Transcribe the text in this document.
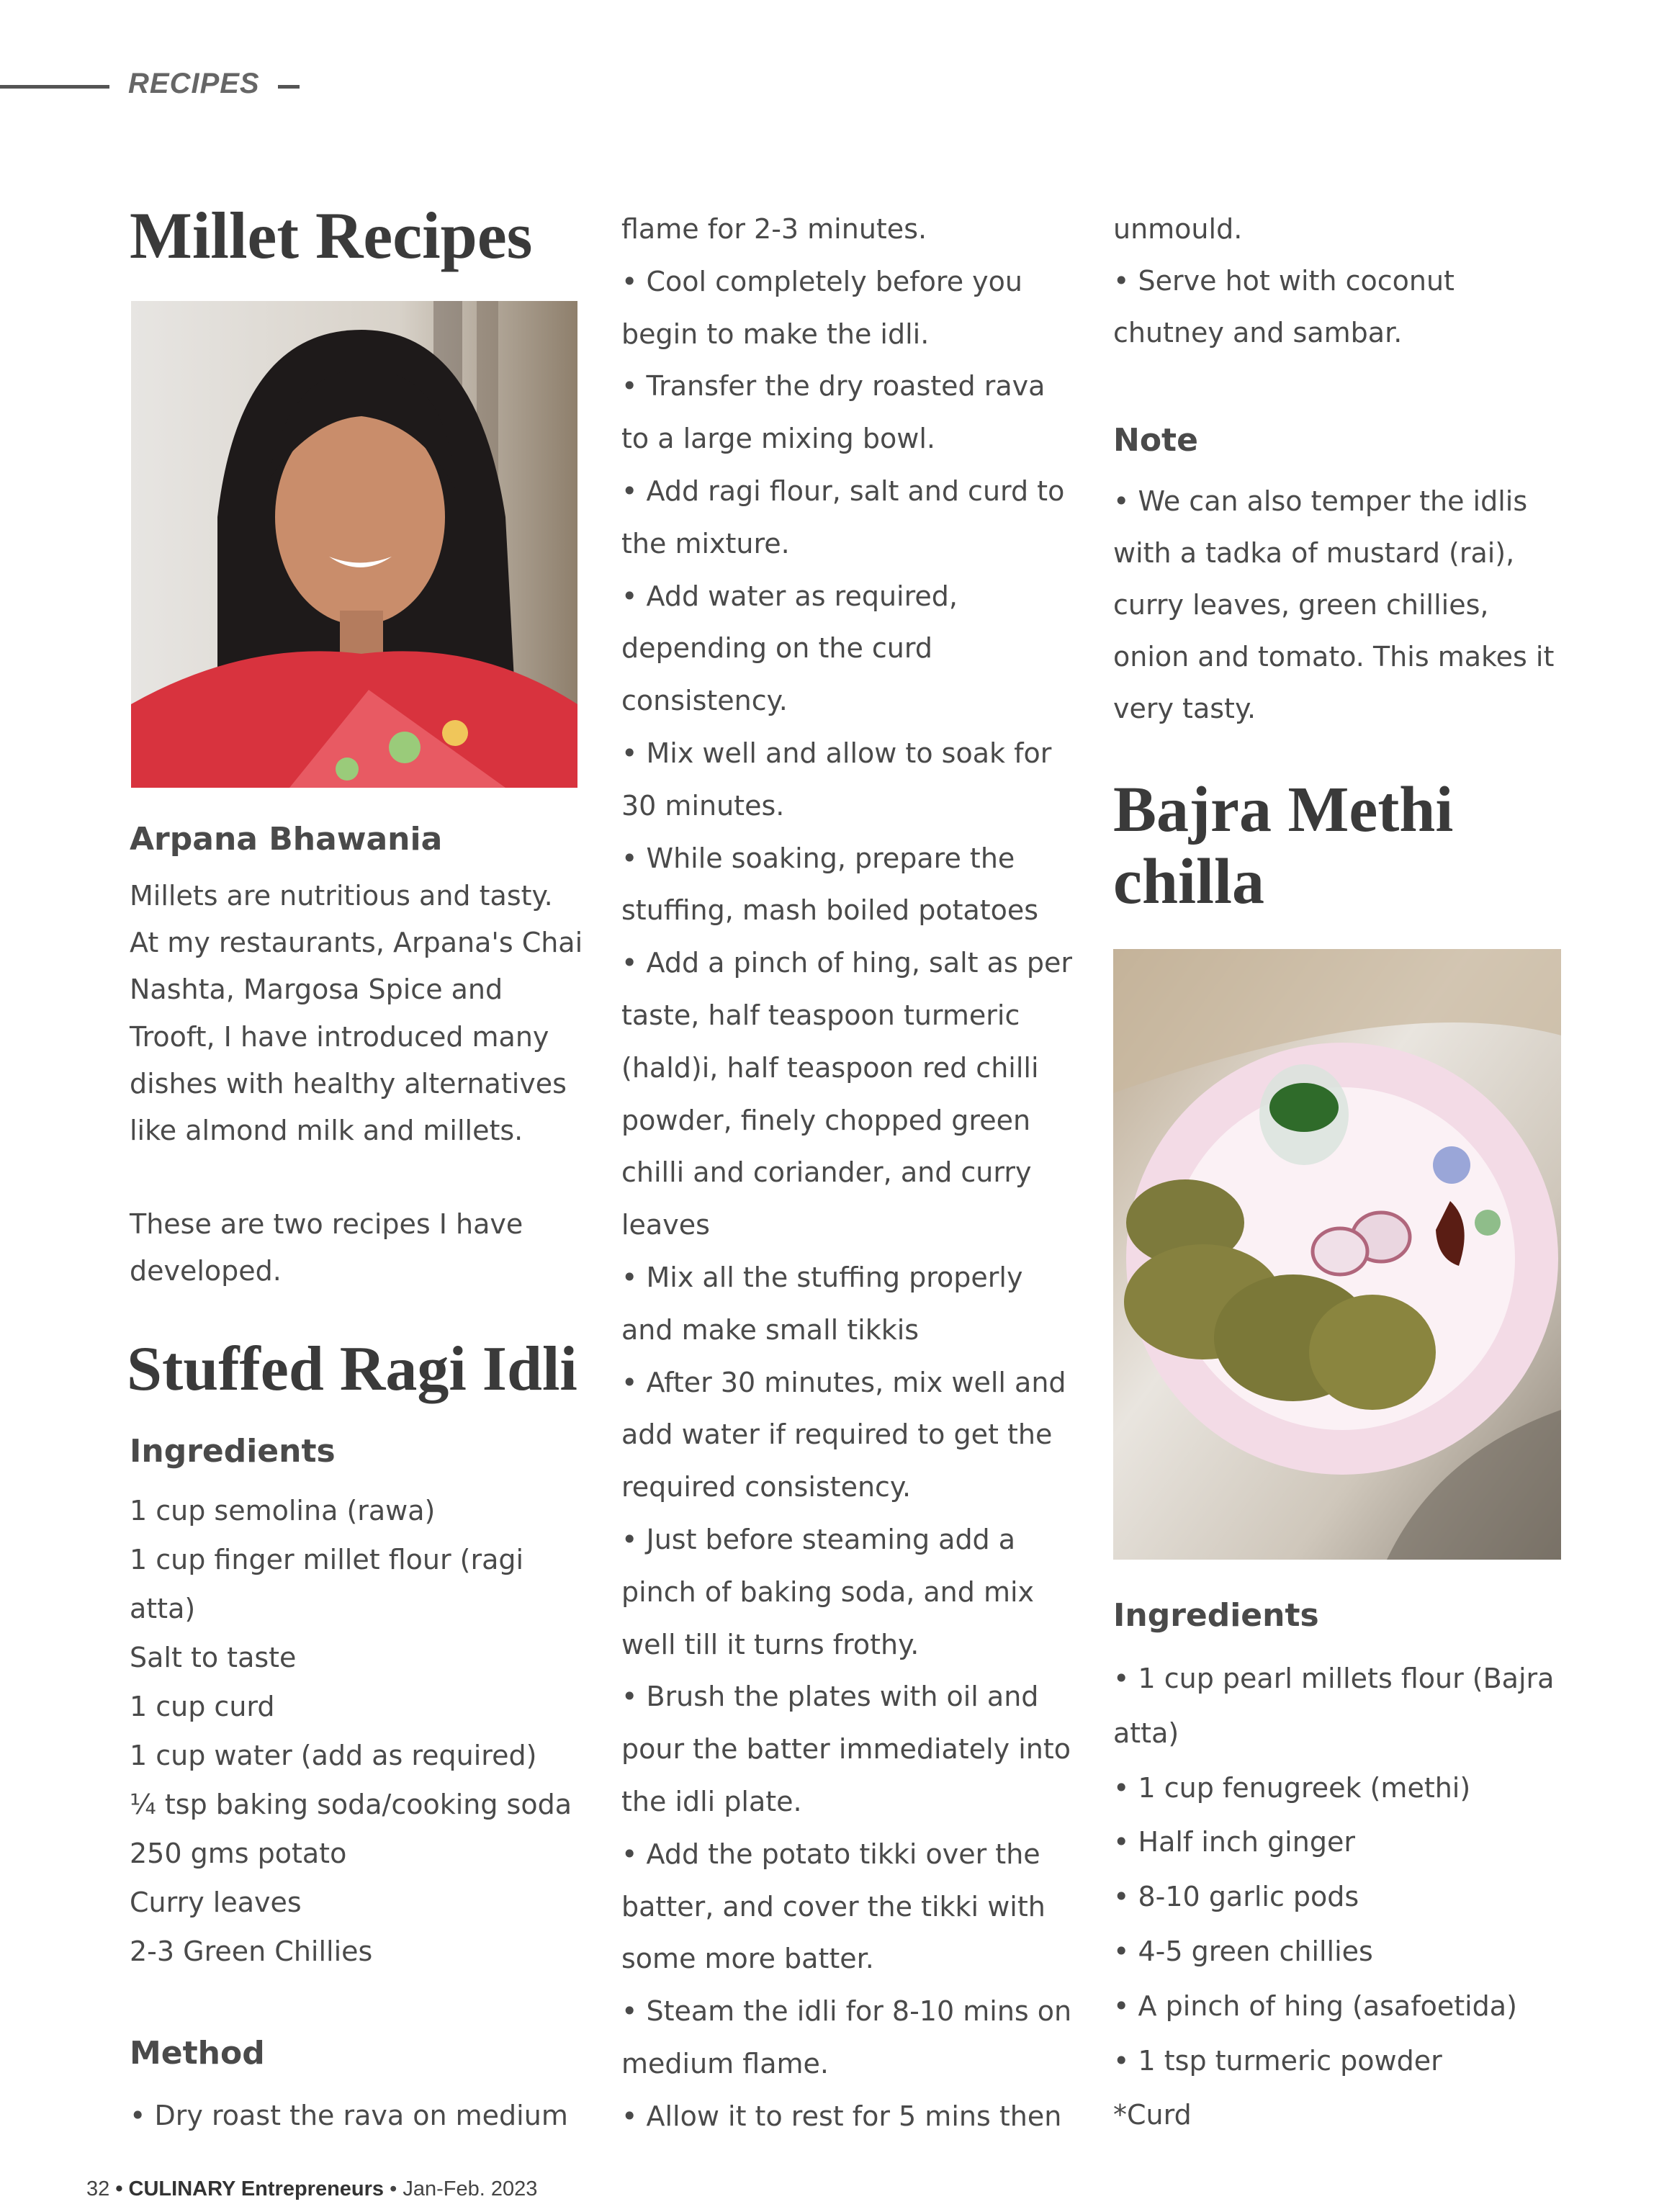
RECIPES
Millet Recipes
Arpana Bhawania
Millets are nutritious and tasty.
At my restaurants, Arpana's Chai
Nashta, Margosa Spice and
Trooft, I have introduced many
dishes with healthy alternatives
like almond milk and millets.
These are two recipes I have
developed.
Stuffed Ragi Idli
Ingredients
1 cup semolina (rawa)
1 cup finger millet flour (ragi
atta)
Salt to taste
1 cup curd
1 cup water (add as required)
¼ tsp baking soda/cooking soda
250 gms potato
Curry leaves
2-3 Green Chillies
Method
• Dry roast the rava on medium
flame for 2-3 minutes.
• Cool completely before you
begin to make the idli.
• Transfer the dry roasted rava
to a large mixing bowl.
• Add ragi flour, salt and curd to
the mixture.
• Add water as required,
depending on the curd
consistency.
• Mix well and allow to soak for
30 minutes.
• While soaking, prepare the
stuffing, mash boiled potatoes
• Add a pinch of hing, salt as per
taste, half teaspoon turmeric
(hald)i, half teaspoon red chilli
powder, finely chopped green
chilli and coriander, and curry
leaves
• Mix all the stuffing properly
and make small tikkis
• After 30 minutes, mix well and
add water if required to get the
required consistency.
• Just before steaming add a
pinch of baking soda, and mix
well till it turns frothy.
• Brush the plates with oil and
pour the batter immediately into
the idli plate.
• Add the potato tikki over the
batter, and cover the tikki with
some more batter.
• Steam the idli for 8-10 mins on
medium flame.
• Allow it to rest for 5 mins then
unmould.
• Serve hot with coconut
chutney and sambar.
Note
• We can also temper the idlis
with a tadka of mustard (rai),
curry leaves, green chillies,
onion and tomato. This makes it
very tasty.
Bajra Methi
chilla
Ingredients
• 1 cup pearl millets flour (Bajra
atta)
• 1 cup fenugreek (methi)
• Half inch ginger
• 8-10 garlic pods
• 4-5 green chillies
• A pinch of hing (asafoetida)
• 1 tsp turmeric powder
*Curd
32 • CULINARY Entrepreneurs • Jan-Feb. 2023
